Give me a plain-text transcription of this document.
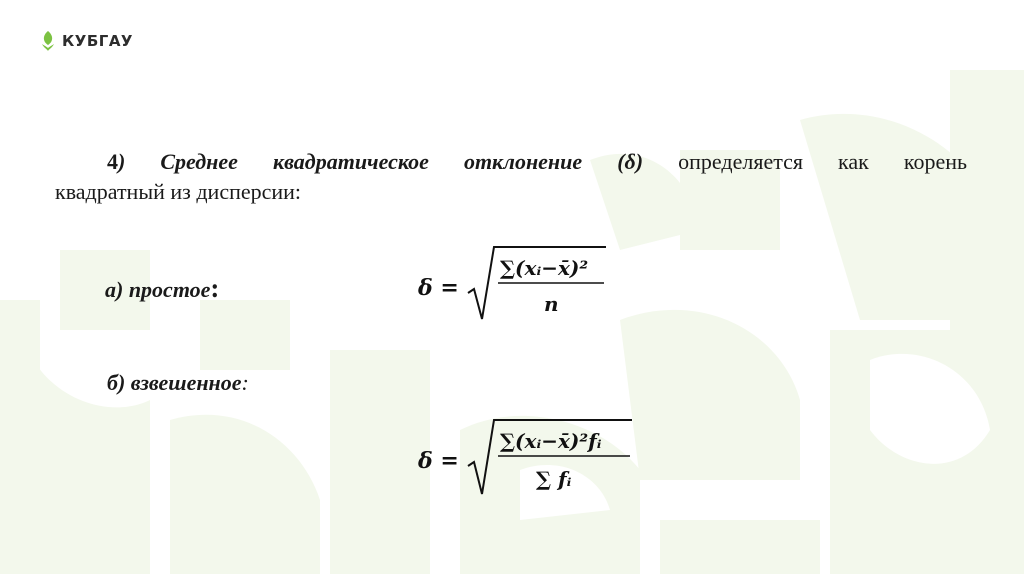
КУБГАУ
4) Среднее квадратическое отклонение (δ) определяется как корень
квадратный из дисперсии:
а) простое:
б) взвешенное:
δ =
∑(xᵢ−x̄)²
n
δ =
∑(xᵢ−x̄)²fᵢ
∑ fᵢ
